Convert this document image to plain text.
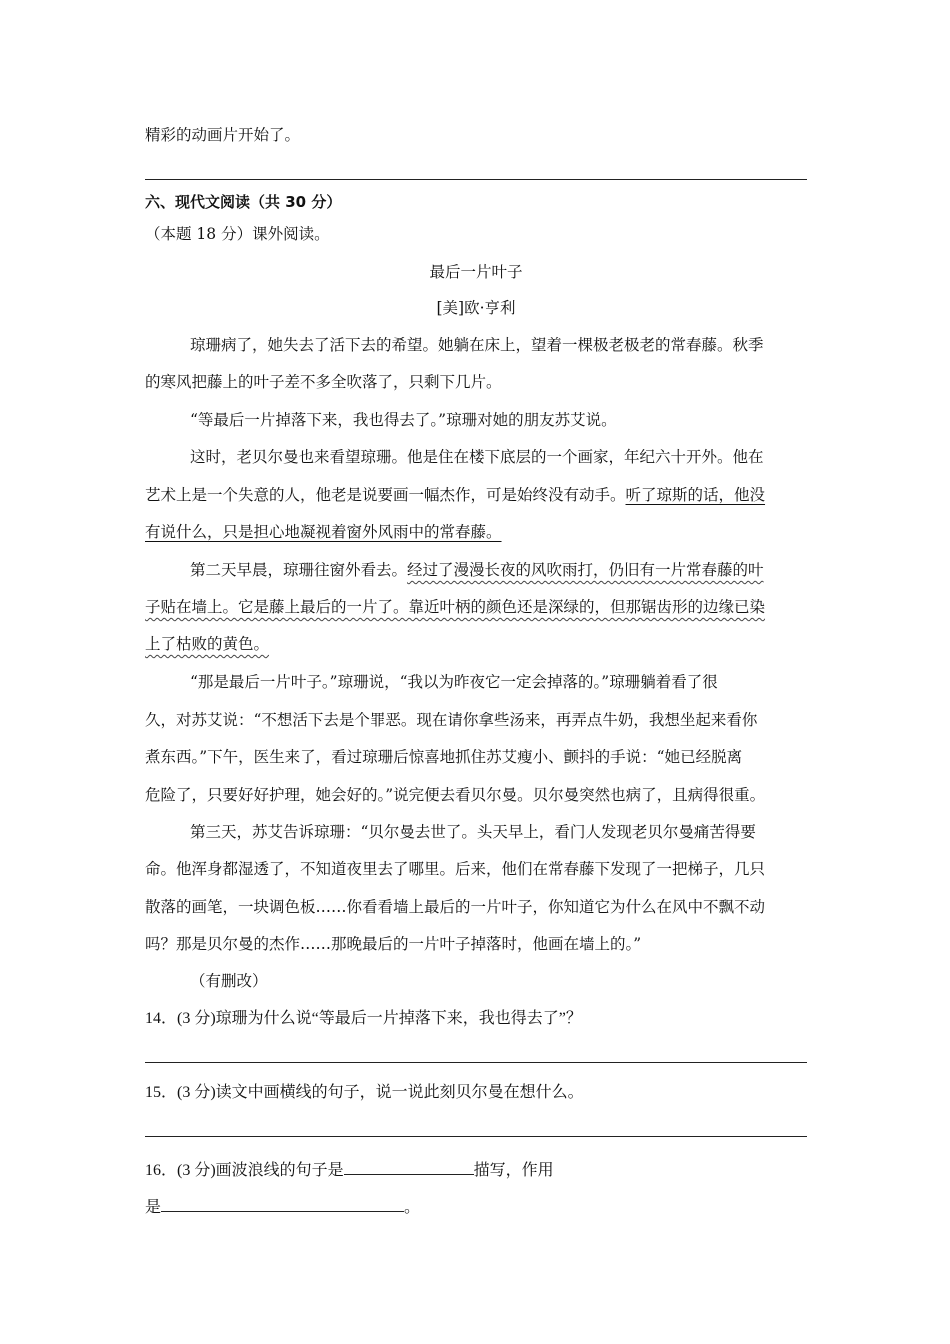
精彩的动画片开始了。
六、现代文阅读（共 30 分）
（本题 18 分）课外阅读。
最后一片叶子
[美]欧·亨利
琼珊病了，她失去了活下去的希望。她躺在床上，望着一棵极老极老的常春藤。秋季
的寒风把藤上的叶子差不多全吹落了，只剩下几片。
“等最后一片掉落下来，我也得去了。”琼珊对她的朋友苏艾说。
这时，老贝尔曼也来看望琼珊。他是住在楼下底层的一个画家，年纪六十开外。他在
艺术上是一个失意的人，他老是说要画一幅杰作，可是始终没有动手。听了琼斯的话，他没
有说什么，只是担心地凝视着窗外风雨中的常春藤。
第二天早晨，琼珊往窗外看去。经过了漫漫长夜的风吹雨打，仍旧有一片常春藤的叶
子贴在墙上。它是藤上最后的一片了。靠近叶柄的颜色还是深绿的，但那锯齿形的边缘已染
上了枯败的黄色。
“那是最后一片叶子。”琼珊说，“我以为昨夜它一定会掉落的。”琼珊躺着看了很
久，对苏艾说：“不想活下去是个罪恶。现在请你拿些汤来，再弄点牛奶，我想坐起来看你
煮东西。”下午，医生来了，看过琼珊后惊喜地抓住苏艾瘦小、颤抖的手说：“她已经脱离
危险了，只要好好护理，她会好的。”说完便去看贝尔曼。贝尔曼突然也病了，且病得很重。
第三天，苏艾告诉琼珊：“贝尔曼去世了。头天早上，看门人发现老贝尔曼痛苦得要
命。他浑身都湿透了，不知道夜里去了哪里。后来，他们在常春藤下发现了一把梯子，几只
散落的画笔，一块调色板……你看看墙上最后的一片叶子，你知道它为什么在风中不飘不动
吗？那是贝尔曼的杰作……那晚最后的一片叶子掉落时，他画在墙上的。”
（有删改）
14．(3 分)琼珊为什么说“等最后一片掉落下来，我也得去了”？
15．(3 分)读文中画横线的句子，说一说此刻贝尔曼在想什么。
16．(3 分)画波浪线的句子是	描写，作用
是	。
